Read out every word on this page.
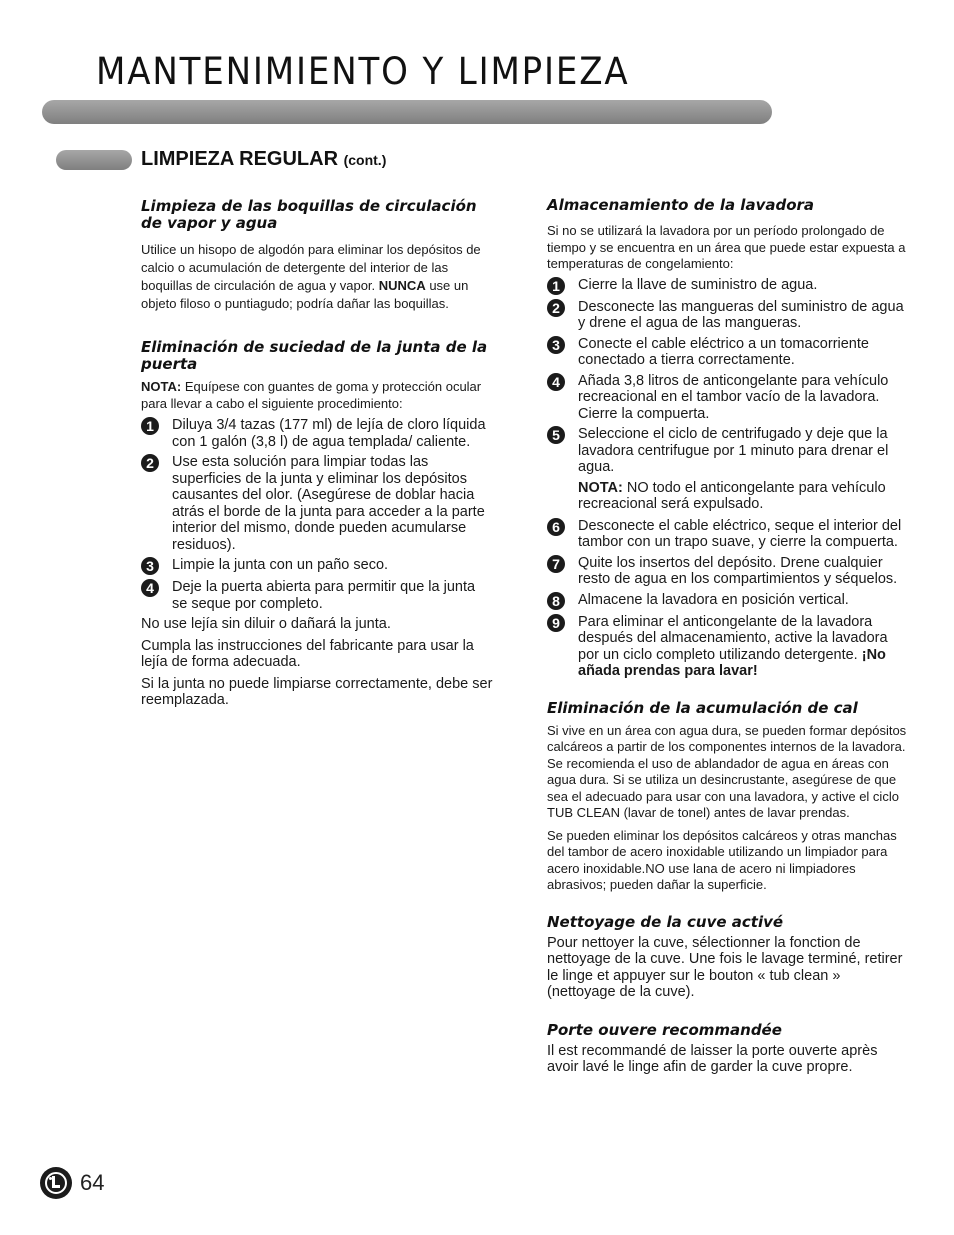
MANTENIMIENTO Y LIMPIEZA
LIMPIEZA REGULAR (cont.)
Limpieza de las boquillas de circulación de vapor y agua

Utilice un hisopo de algodón para eliminar los depósitos de calcio o acumulación de detergente del interior de las boquillas de circulación de agua y vapor. NUNCA use un objeto filoso o puntiagudo; podría dañar las boquillas.

Eliminación de suciedad de la junta de la puerta

NOTA: Equípese con guantes de goma y protección ocular para llevar a cabo el siguiente procedimiento:

1	Diluya 3/4 tazas (177 ml) de lejía de cloro líquida con 1 galón (3,8 l) de agua templada/ caliente.
2	Use esta solución para limpiar todas las superficies de la junta y eliminar los depósitos causantes del olor. (Asegúrese de doblar hacia atrás el borde de la junta para acceder a la parte interior del mismo, donde pueden acumularse residuos).
3	Limpie la junta con un paño seco.
4	Deje la puerta abierta para permitir que la junta se seque por completo.

No use lejía sin diluir o dañará la junta.

Cumpla las instrucciones del fabricante para usar la lejía de forma adecuada.

Si la junta no puede limpiarse correctamente, debe ser reemplazada.

Almacenamiento de la lavadora

Si no se utilizará la lavadora por un período prolongado de tiempo y se encuentra en un área que puede estar expuesta a temperaturas de congelamiento:

1	Cierre la llave de suministro de agua.
2	Desconecte las mangueras del suministro de agua y drene el agua de las mangueras.
3	Conecte el cable eléctrico a un tomacorriente conectado a tierra correctamente.
4	Añada 3,8 litros de anticongelante para vehículo recreacional en el tambor vacío de la lavadora. Cierre la compuerta.
5	Seleccione el ciclo de centrifugado y deje que la lavadora centrifugue por 1 minuto para drenar el agua.

NOTA: NO todo el anticongelante para vehículo recreacional será expulsado.

6	Desconecte el cable eléctrico, seque el interior del tambor con un trapo suave, y cierre la compuerta.
7	Quite los insertos del depósito. Drene cualquier resto de agua en los compartimientos y séquelos.
8	Almacene la lavadora en posición vertical.
9	Para eliminar el anticongelante de la lavadora después del almacenamiento, active la lavadora por un ciclo completo utilizando detergente. ¡No añada prendas para lavar!
Eliminación de la acumulación de cal

Si vive en un área con agua dura, se pueden formar depósitos calcáreos a partir de los componentes internos de la lavadora. Se recomienda el uso de ablandador de agua en áreas con agua dura. Si se utiliza un desincrustante, asegúrese de que sea el adecuado para usar con una lavadora, y active el ciclo TUB CLEAN (lavar de tonel) antes de lavar prendas.

Se pueden eliminar los depósitos calcáreos y otras manchas del tambor de acero inoxidable utilizando un limpiador para acero inoxidable.NO use lana de acero ni limpiadores abrasivos; pueden dañar la superficie.

Nettoyage de la cuve activé

Pour nettoyer la cuve, sélectionner la fonction de nettoyage de la cuve. Une fois le lavage terminé, retirer le linge et appuyer sur le bouton « tub clean » (nettoyage de la cuve).

Porte ouvere recommandée

Il est recommandé de laisser la porte ouverte après avoir lavé le linge afin de garder la cuve propre.

64
